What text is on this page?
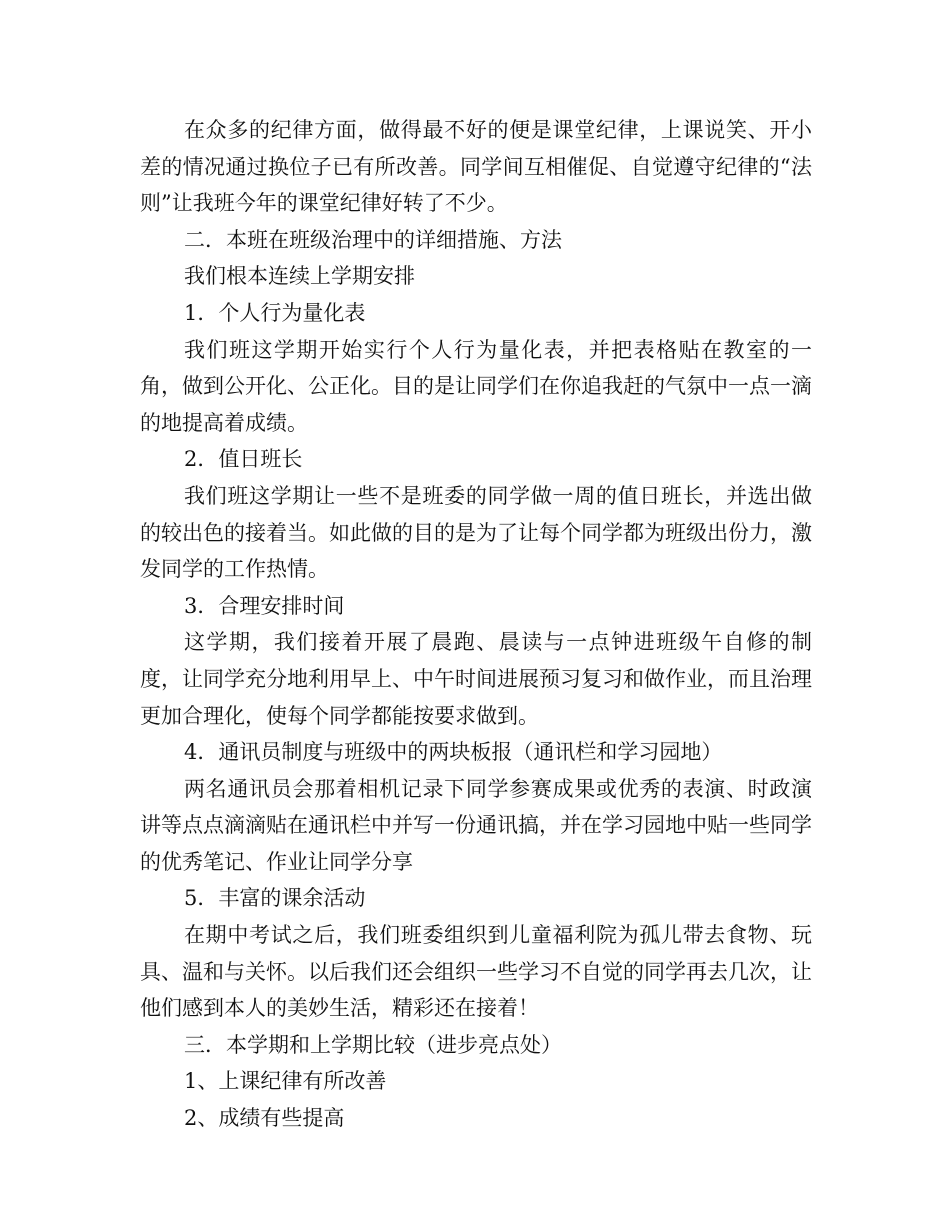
在众多的纪律方面，做得最不好的便是课堂纪律，上课说笑、开小差的情况通过换位子已有所改善。同学间互相催促、自觉遵守纪律的“法则”让我班今年的课堂纪律好转了不少。

二．本班在班级治理中的详细措施、方法

我们根本连续上学期安排

1．个人行为量化表

我们班这学期开始实行个人行为量化表，并把表格贴在教室的一角，做到公开化、公正化。目的是让同学们在你追我赶的气氛中一点一滴的地提高着成绩。

2．值日班长

我们班这学期让一些不是班委的同学做一周的值日班长，并选出做的较出色的接着当。如此做的目的是为了让每个同学都为班级出份力，激发同学的工作热情。

3．合理安排时间

这学期，我们接着开展了晨跑、晨读与一点钟进班级午自修的制度，让同学充分地利用早上、中午时间进展预习复习和做作业，而且治理更加合理化，使每个同学都能按要求做到。

4．通讯员制度与班级中的两块板报（通讯栏和学习园地）

两名通讯员会那着相机记录下同学参赛成果或优秀的表演、时政演讲等点点滴滴贴在通讯栏中并写一份通讯搞，并在学习园地中贴一些同学的优秀笔记、作业让同学分享

5．丰富的课余活动

在期中考试之后，我们班委组织到儿童福利院为孤儿带去食物、玩具、温和与关怀。以后我们还会组织一些学习不自觉的同学再去几次，让他们感到本人的美妙生活，精彩还在接着！

三．本学期和上学期比较（进步亮点处）

1、上课纪律有所改善

2、成绩有些提高
